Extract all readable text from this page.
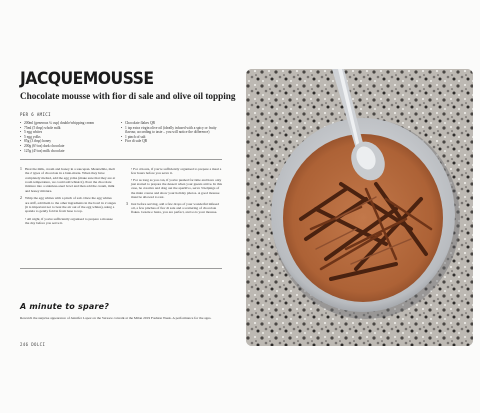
JACQUEMOUSSE
Chocolate mousse with fior di sale and olive oil topping
PER 6 AMICI
• 200ml (generous ¾ cup) double/whipping cream
• 75ml (5 tbsp) whole milk
• 5 egg whites
• 5 egg yolks
• 85g (3 tbsp) honey
• 200g (6½oz) dark chocolate
• 125g (4½oz) milk chocolate
• Chocolate flakes QB
• 1 tsp extra virgin olive oil (ideally infused with a spicy or fruity flavour, according to taste – you will notice the difference)
• 1 pinch of salt
• Fior di sale QB
1 Heat the milk, cream and honey in a saucepan. Meanwhile, melt the 2 types of chocolate in a bain-marie. When they have completely melted, add the egg yolks (make sure that they are at room temperature, we could add whisk it). Pour the chocolate mixture into a stainless-steel bowl and then add the cream, milk and honey mixture.
2 Whip the egg whites with a pinch of salt. Once the egg whites are stiff, add them to the other ingredients in the bowl in 2 stages (it is important not to beat the air out of the egg whites), using a spatula to gently fold in from base to top.
• All night, if you're sufficiently organised to prepare a mousse the day before you serve it.
• For 4 hours, if you're sufficiently organised to prepare a meal a few hours before you serve it.
• For as long as you can, if you're pushed for time and have only just started to prepare the dessert when your guests arrive. In this case, be creative and drag out the aperitivo, serve 3 helpings of the main course and show your holiday photos. A good mousse must be allowed to rest.
3 Just before serving, add a few drops of your wonderful infused oil, a few pinches of fior di sale and a scattering of chocolate flakes. Grazie e basta, you are perfect, and so is your mousse.
A minute to spare?
Rewatch the surprise appearance of Jennifer Lopez on the Versace catwalk at the Milan 2019 Fashion Week. A performance for the ages.
246 DOLCI
